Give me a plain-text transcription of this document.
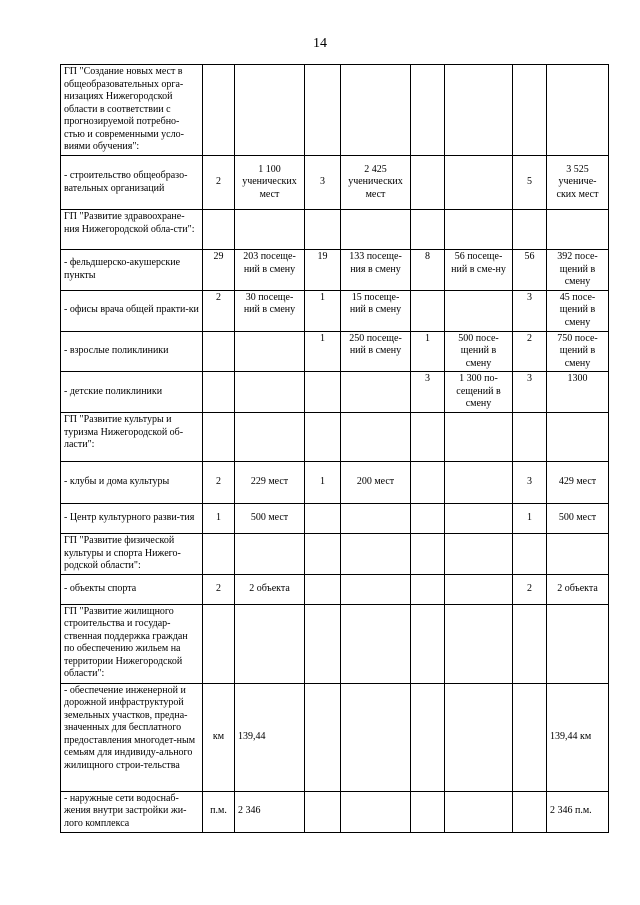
14
ГП "Создание новых мест в общеобразовательных орга-низациях Нижегородской области в соответствии с прогнозируемой потребно-стью и современными усло-виями обучения":								
- строительство общеобразо-вательных организаций	2	1 100 ученических мест	3	2 425 ученических мест			5	3 525 учениче-ских мест
ГП "Развитие здравоохране-ния Нижегородской обла-сти":								
- фельдшерско-акушерские пункты	29	203 посеще-ний в смену	19	133 посеще-ния в смену	8	56 посеще-ний в сме-ну	56	392 посе-щений в смену
- офисы врача общей практи-ки	2	30 посеще-ний в смену	1	15 посеще-ний в смену			3	45 посе-щений в смену
- взрослые поликлиники			1	250 посеще-ний в смену	1	500 посе-щений в смену	2	750 посе-щений в смену
- детские поликлиники					3	1 300 по-сещений в смену	3	1300
ГП "Развитие культуры и туризма Нижегородской об-ласти":								
- клубы и дома культуры	2	229 мест	1	200 мест			3	429 мест
- Центр культурного разви-тия	1	500 мест					1	500 мест
ГП "Развитие физической культуры и спорта Нижего-родской области":								
- объекты спорта	2	2 объекта					2	2 объекта
ГП "Развитие жилищного строительства и государ-ственная поддержка граждан по обеспечению жильем на территории Нижегородской области":								
- обеспечение инженерной и дорожной инфраструктурой земельных участков, предна-значенных для бесплатного предоставления многодет-ным семьям для индивиду-ального жилищного строи-тельства	км	139,44						139,44 км
- наружные сети водоснаб-жения внутри застройки жи-лого комплекса	п.м.	2 346						2 346 п.м.
